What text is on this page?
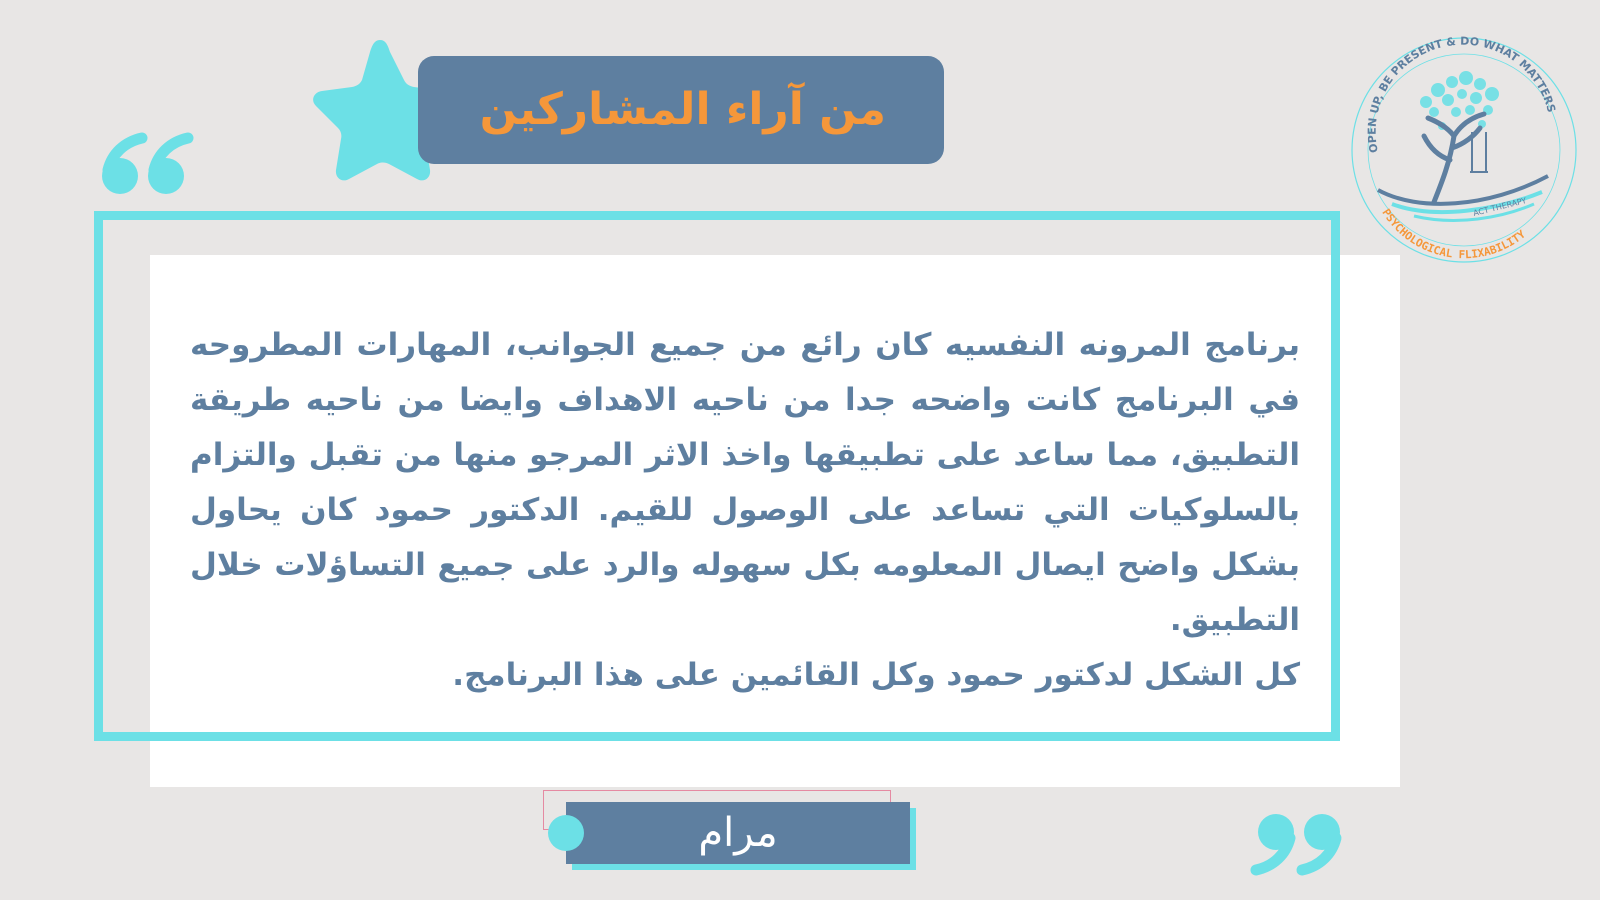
من آراء المشاركين

برنامج المرونه النفسيه كان رائع من جميع الجوانب، المهارات المطروحه في البرنامج كانت واضحه جدا من ناحيه الاهداف وايضا من ناحيه طريقة التطبيق، مما ساعد على تطبيقها واخذ الاثر المرجو منها من تقبل والتزام بالسلوكيات التي تساعد على الوصول للقيم. الدكتور حمود كان يحاول بشكل واضح ايصال المعلومه بكل سهوله والرد على جميع التساؤلات خلال التطبيق.

كل الشكل لدكتور حمود وكل القائمين على هذا البرنامج.

مرام
OPEN UP, BE PRESENT & DO WHAT MATTERS
ACT THERAPY
PSYCHOLOGICAL FLIXABILITY
